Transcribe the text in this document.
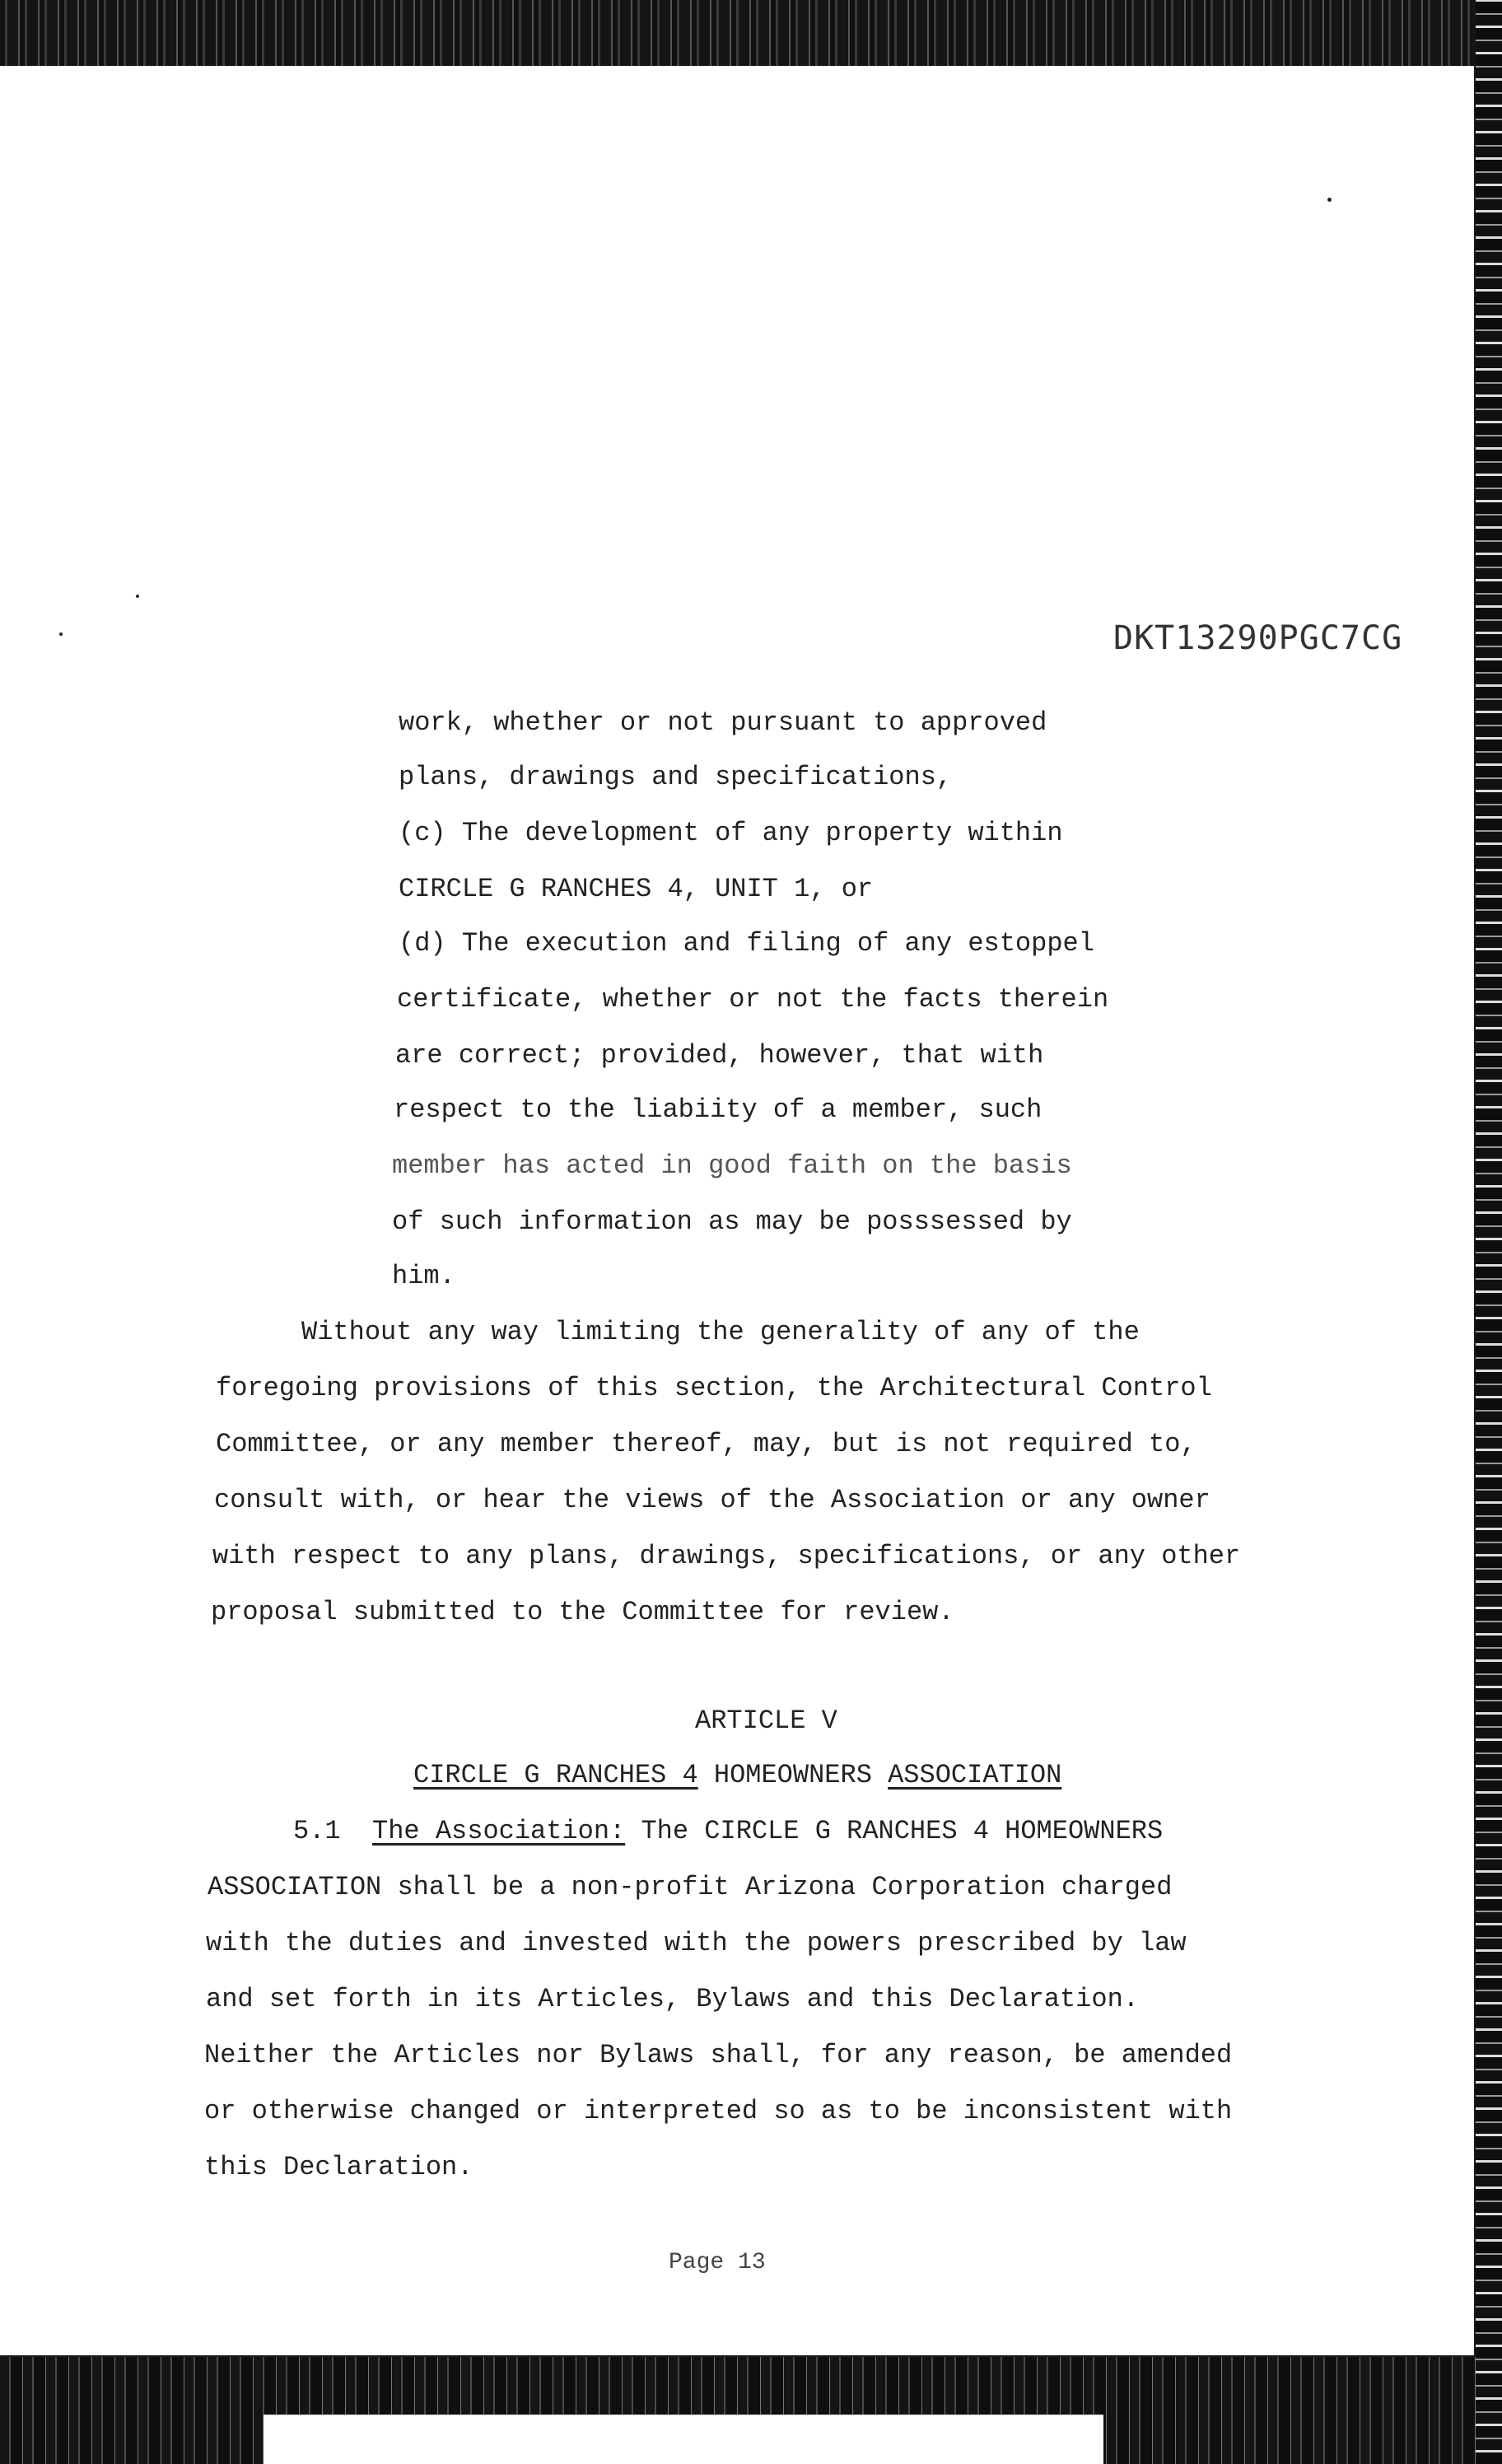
DKT13290PGC7CG
work, whether or not pursuant to approved
plans, drawings and specifications,
(c) The development of any property within
CIRCLE G RANCHES 4, UNIT 1, or
(d) The execution and filing of any estoppel
certificate, whether or not the facts therein
are correct; provided, however, that with
respect to the liabiity of a member, such
member has acted in good faith on the basis
of such information as may be posssessed by
him.
Without any way limiting the generality of any of the
foregoing provisions of this section, the Architectural Control
Committee, or any member thereof, may, but is not required to,
consult with, or hear the views of the Association or any owner
with respect to any plans, drawings, specifications, or any other
proposal submitted to the Committee for review.
ARTICLE V
CIRCLE G RANCHES 4 HOMEOWNERS ASSOCIATION
5.1 The Association: The CIRCLE G RANCHES 4 HOMEOWNERS
ASSOCIATION shall be a non-profit Arizona Corporation charged
with the duties and invested with the powers prescribed by law
and set forth in its Articles, Bylaws and this Declaration.
Neither the Articles nor Bylaws shall, for any reason, be amended
or otherwise changed or interpreted so as to be inconsistent with
this Declaration.
Page 13
